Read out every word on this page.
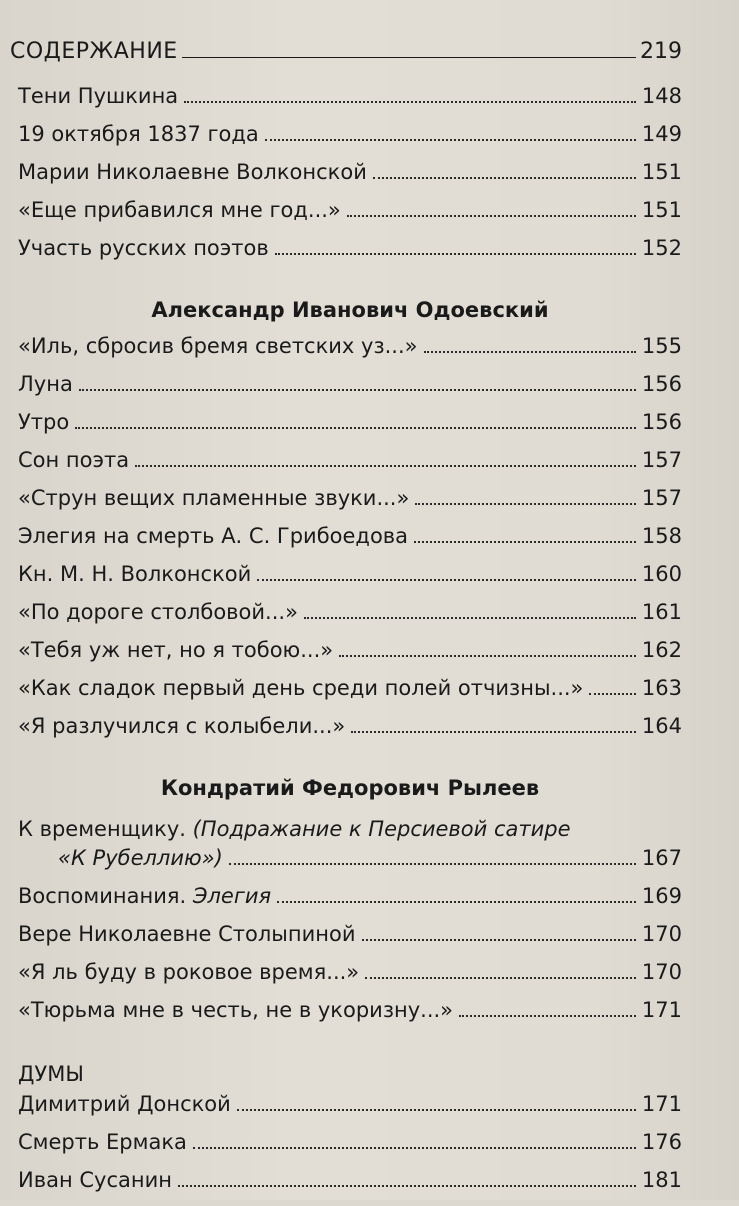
СОДЕРЖАНИЕ	219
Тени Пушкина	148
19 октября 1837 года	149
Марии Николаевне Волконской	151
«Еще прибавился мне год...»	151
Участь русских поэтов	152
Александр Иванович Одоевский
«Иль, сбросив бремя светских уз...»	155
Луна	156
Утро	156
Сон поэта	157
«Струн вещих пламенные звуки...»	157
Элегия на смерть А. С. Грибоедова	158
Кн. М. Н. Волконской	160
«По дороге столбовой...»	161
«Тебя уж нет, но я тобою...»	162
«Как сладок первый день среди полей отчизны...»	163
«Я разлучился с колыбели...»	164
Кондратий Федорович Рылеев
К временщику. (Подражание к Персиевой сатире
«К Рубеллию»)	167
Воспоминания. Элегия	169
Вере Николаевне Столыпиной	170
«Я ль буду в роковое время...»	170
«Тюрьма мне в честь, не в укоризну...»	171
ДУМЫ
Димитрий Донской	171
Смерть Ермака	176
Иван Сусанин	181
